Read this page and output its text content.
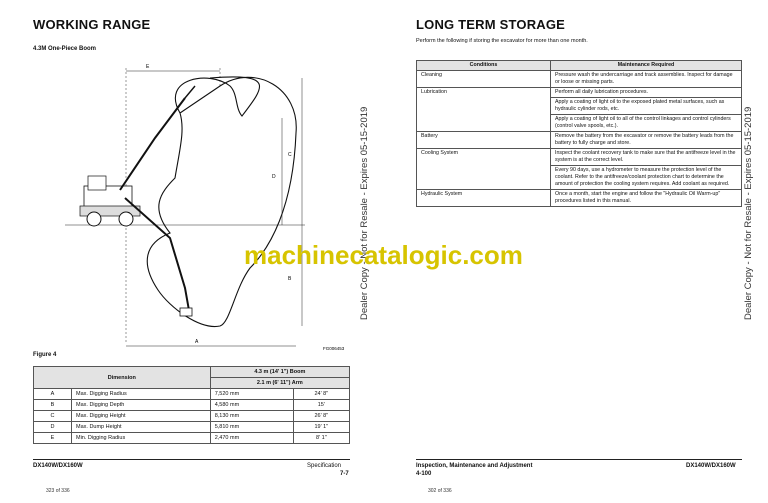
WORKING RANGE
4.3M One-Piece Boom
E
C
D
B
A
FG006453
Figure 4
Dimension		4.3 m (14' 1") Boom	
		2.1 m (6' 11") Arm	
A	Max. Digging Radius	7,520 mm	24' 8"
B	Max. Digging Depth	4,580 mm	15'
C	Max. Digging Height	8,130 mm	26' 8"
D	Max. Dump Height	5,810 mm	19' 1"
E	Min. Digging Radius	2,470 mm	8' 1"
DX140W/DX160W	Specification
7-7
323 of 336
LONG TERM STORAGE
Perform the following if storing the excavator for more than one month.
Conditions	Maintenance Required
Cleaning	Pressure wash the undercarriage and track assemblies. Inspect for damage or loose or missing parts.
Lubrication	Perform all daily lubrication procedures.
	Apply a coating of light oil to the exposed plated metal surfaces, such as hydraulic cylinder rods, etc.
	Apply a coating of light oil to all of the control linkages and control cylinders (control valve spools, etc.).
Battery	Remove the battery from the excavator or remove the battery leads from the battery to fully charge and store.
Cooling System	Inspect the coolant recovery tank to make sure that the antifreeze level in the system is at the correct level.
	Every 90 days, use a hydrometer to measure the protection level of the coolant. Refer to the antifreeze/coolant protection chart to determine the amount of protection the cooling system requires. Add coolant as required.
Hydraulic System	Once a month, start the engine and follow the "Hydraulic Oil Warm-up" procedures listed in this manual.
Inspection, Maintenance and Adjustment
4-100
DX140W/DX160W
302 of 336
Dealer Copy - Not for Resale - Expires 05-15-2019	Dealer Copy - Not for Resale - Expires 05-15-2019
machinecatalogic.com
